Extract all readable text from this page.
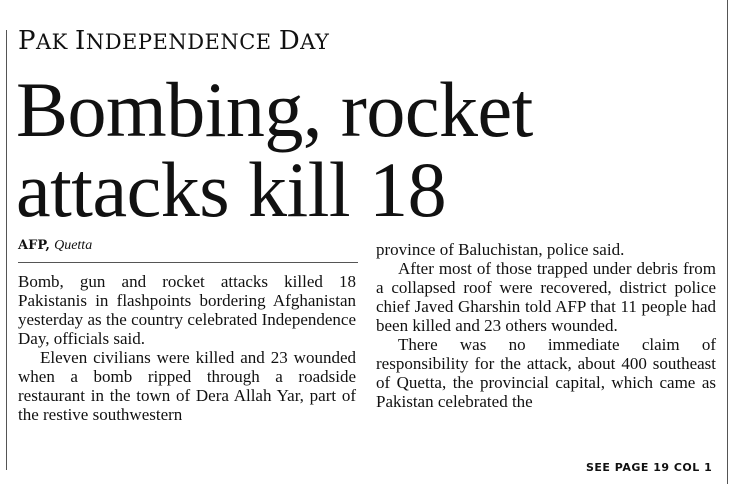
PAK INDEPENDENCE DAY
Bombing, rocket
attacks kill 18
AFP, Quetta

Bomb, gun and rocket attacks killed 18 Pakistanis in flashpoints bordering Afghanistan yesterday as the country celebrated Independence Day, officials said.

Eleven civilians were killed and 23 wounded when a bomb ripped through a roadside restaurant in the town of Dera Allah Yar, part of the restive southwestern

province of Baluchistan, police said.

After most of those trapped under debris from a collapsed roof were recovered, district police chief Javed Gharshin told AFP that 11 people had been killed and 23 others wounded.

There was no immediate claim of responsibility for the attack, about 400 southeast of Quetta, the provincial capital, which came as Pakistan celebrated the

SEE PAGE 19 COL 1
